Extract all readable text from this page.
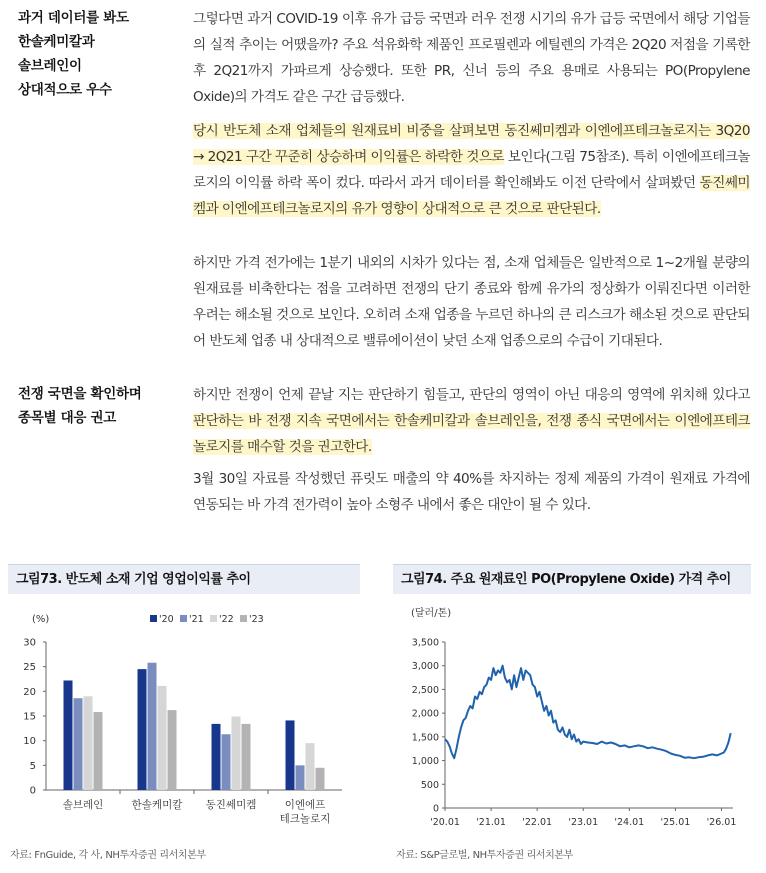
과거 데이터를 봐도
한솔케미칼과
솔브레인이
상대적으로 우수

그렇다면 과거 COVID-19 이후 유가 급등 국면과 러우 전쟁 시기의 유가 급등 국면에서 해당 기업들의 실적 추이는 어땠을까? 주요 석유화학 제품인 프로필렌과 에틸렌의 가격은 2Q20 저점을 기록한 후 2Q21까지 가파르게 상승했다. 또한 PR, 신너 등의 주요 용매로 사용되는 PO(Propylene Oxide)의 가격도 같은 구간 급등했다.

당시 반도체 소재 업체들의 원재료비 비중을 살펴보면 동진쎄미켐과 이엔에프테크놀로지는 3Q20 → 2Q21 구간 꾸준히 상승하며 이익률은 하락한 것으로 보인다(그림 75참조). 특히 이엔에프테크놀로지의 이익률 하락 폭이 컸다. 따라서 과거 데이터를 확인해봐도 이전 단락에서 살펴봤던 동진쎄미켐과 이엔에프테크놀로지의 유가 영향이 상대적으로 큰 것으로 판단된다.

하지만 가격 전가에는 1분기 내외의 시차가 있다는 점, 소재 업체들은 일반적으로 1~2개월 분량의 원재료를 비축한다는 점을 고려하면 전쟁의 단기 종료와 함께 유가의 정상화가 이뤄진다면 이러한 우려는 해소될 것으로 보인다. 오히려 소재 업종을 누르던 하나의 큰 리스크가 해소된 것으로 판단되어 반도체 업종 내 상대적으로 밸류에이션이 낮던 소재 업종으로의 수급이 기대된다.

전쟁 국면을 확인하며
종목별 대응 권고

하지만 전쟁이 언제 끝날 지는 판단하기 힘들고, 판단의 영역이 아닌 대응의 영역에 위치해 있다고 판단하는 바 전쟁 지속 국면에서는 한솔케미칼과 솔브레인을, 전쟁 종식 국면에서는 이엔에프테크놀로지를 매수할 것을 권고한다.

3월 30일 자료를 작성했던 퓨릿도 매출의 약 40%를 차지하는 정제 제품의 가격이 원재료 가격에 연동되는 바 가격 전가력이 높아 소형주 내에서 좋은 대안이 될 수 있다.

그림73. 반도체 소재 기업 영업이익률 추이
(%)
0
5
10
15
20
25
30
솔브레인	한솔케미칼 동진쎄미켐	이엔에프
테크놀로지
'20 '21 '22 '23
자료: FnGuide, 각 사, NH투자증권 리서치본부
그림74. 주요 원재료인 PO(Propylene Oxide) 가격 추이
(달러/톤)
0
500
1,000
1,500
2,000
2,500
3,000
3,500
'20.01 '21.01 '22.01 '23.01 '24.01 '25.01 '26.01
자료: S&P글로벌, NH투자증권 리서치본부
